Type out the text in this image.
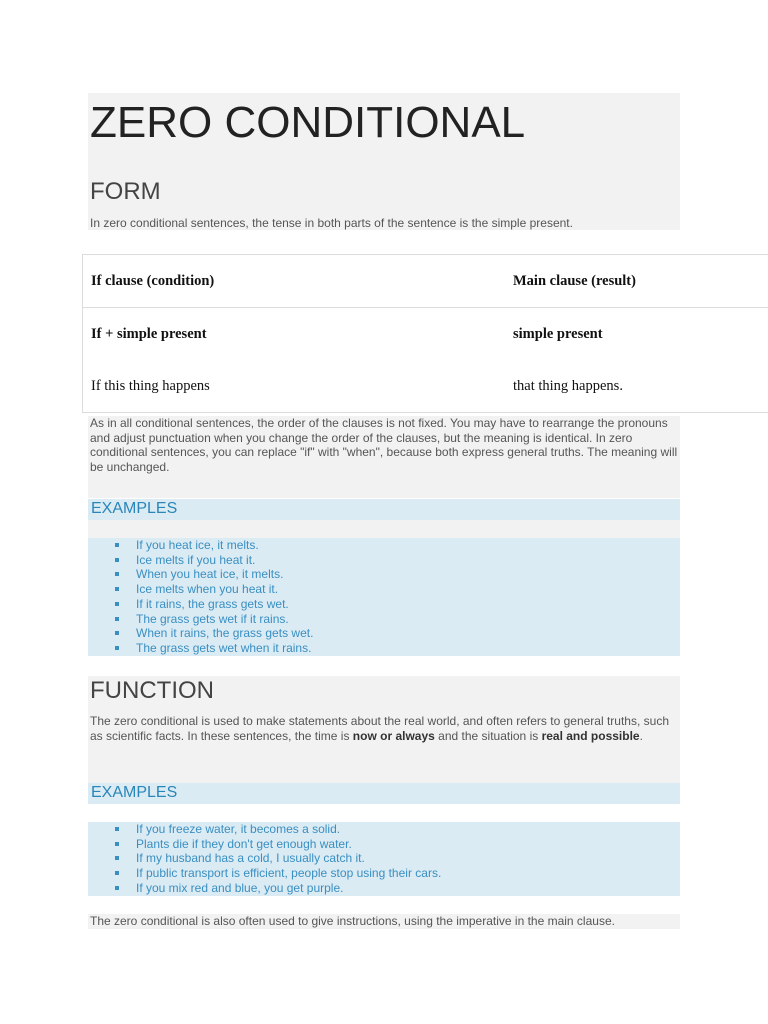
ZERO CONDITIONAL
FORM

In zero conditional sentences, the tense in both parts of the sentence is the simple present.

If clause (condition)	Main clause (result)
If + simple present	simple present
If this thing happens	that thing happens.

As in all conditional sentences, the order of the clauses is not fixed. You may have to rearrange the pronouns and adjust punctuation when you change the order of the clauses, but the meaning is identical. In zero conditional sentences, you can replace "if" with "when", because both express general truths. The meaning will be unchanged.

EXAMPLES
If you heat ice, it melts.
Ice melts if you heat it.
When you heat ice, it melts.
Ice melts when you heat it.
If it rains, the grass gets wet.
The grass gets wet if it rains.
When it rains, the grass gets wet.
The grass gets wet when it rains.
FUNCTION

The zero conditional is used to make statements about the real world, and often refers to general truths, such as scientific facts. In these sentences, the time is now or always and the situation is real and possible.

EXAMPLES
If you freeze water, it becomes a solid.
Plants die if they don't get enough water.
If my husband has a cold, I usually catch it.
If public transport is efficient, people stop using their cars.
If you mix red and blue, you get purple.

The zero conditional is also often used to give instructions, using the imperative in the main clause.
